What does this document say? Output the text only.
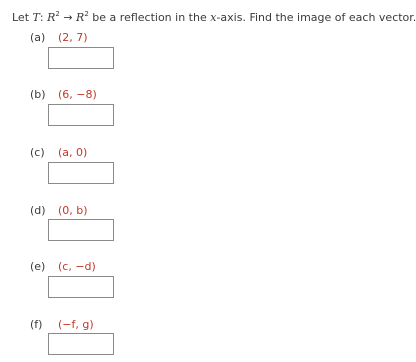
Let T: $R^2 \to R^2$ be a reflection in the x-axis. Find the image of each vector.
(a) (2, 7)
(b) (6, −8)
(c) (a, 0)
(d) (0, b)
(e) (c, −d)
(f) (−f, g)
